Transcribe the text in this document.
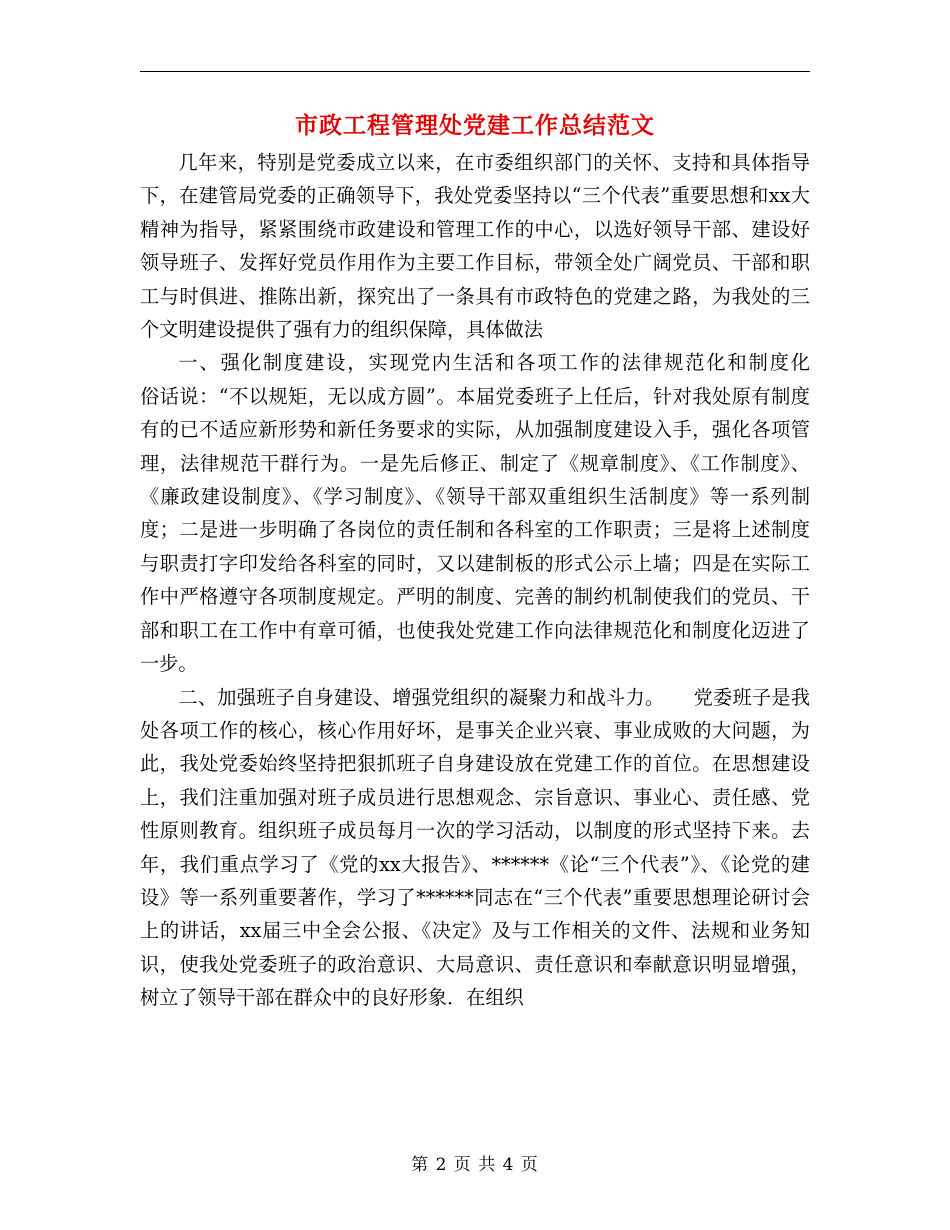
市政工程管理处党建工作总结范文

几年来，特别是党委成立以来，在市委组织部门的关怀、支持和具体指导下，在建管局党委的正确领导下，我处党委坚持以“三个代表”重要思想和xx大精神为指导，紧紧围绕市政建设和管理工作的中心，以选好领导干部、建设好领导班子、发挥好党员作用作为主要工作目标，带领全处广阔党员、干部和职工与时俱进、推陈出新，探究出了一条具有市政特色的党建之路，为我处的三个文明建设提供了强有力的组织保障，具体做法

一、强化制度建设，实现党内生活和各项工作的法律规范化和制度化　　俗话说：“不以规矩，无以成方圆”。本届党委班子上任后，针对我处原有制度有的已不适应新形势和新任务要求的实际，从加强制度建设入手，强化各项管理，法律规范干群行为。一是先后修正、制定了《规章制度》、《工作制度》、《廉政建设制度》、《学习制度》、《领导干部双重组织生活制度》等一系列制度；二是进一步明确了各岗位的责任制和各科室的工作职责；三是将上述制度与职责打字印发给各科室的同时，又以建制板的形式公示上墙；四是在实际工作中严格遵守各项制度规定。严明的制度、完善的制约机制使我们的党员、干部和职工在工作中有章可循，也使我处党建工作向法律规范化和制度化迈进了一步。

二、加强班子自身建设、增强党组织的凝聚力和战斗力。　　党委班子是我处各项工作的核心，核心作用好坏，是事关企业兴衰、事业成败的大问题，为此，我处党委始终坚持把狠抓班子自身建设放在党建工作的首位。在思想建设上，我们注重加强对班子成员进行思想观念、宗旨意识、事业心、责任感、党性原则教育。组织班子成员每月一次的学习活动，以制度的形式坚持下来。去年，我们重点学习了《党的xx大报告》、******《论“三个代表”》、《论党的建设》等一系列重要著作，学习了******同志在“三个代表”重要思想理论研讨会上的讲话，xx届三中全会公报、《决定》及与工作相关的文件、法规和业务知识，使我处党委班子的政治意识、大局意识、责任意识和奉献意识明显增强，树立了领导干部在群众中的良好形象．在组织

第 2 页 共 4 页
